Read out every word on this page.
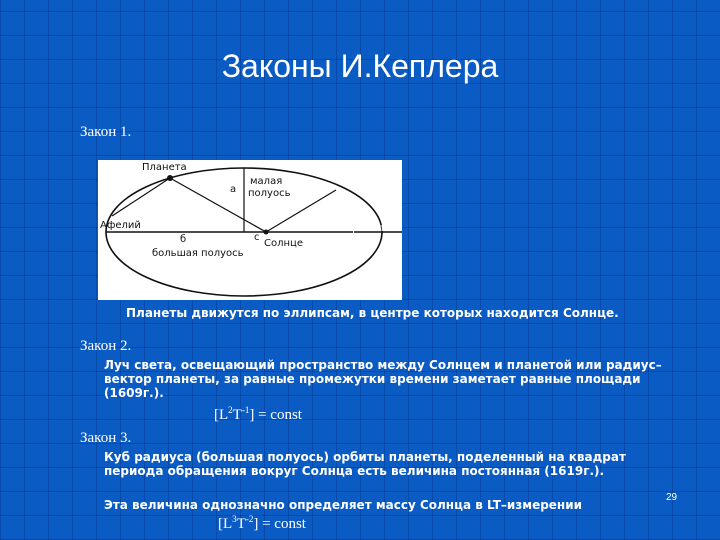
Законы И.Кеплера
Закон 1.
Планета
а
малая
полуось
Афелий
б	с
большая полуось
Солнце
Перигелий
Планеты движутся по эллипсам, в центре которых находится Солнце.
Закон 2.
Луч света, освещающий пространство между Солнцем и планетой или радиус–вектор планеты, за равные промежутки времени заметает равные площади (1609г.).
$[L^2T^{-1}]$ = const
Закон 3.
Куб радиуса (большая полуось) орбиты планеты, поделенный на квадрат периода обращения вокруг Солнца есть величина постоянная (1619г.).
Эта величина однозначно определяет массу Солнца в LT–измерении
29
$[L^3T^{-2}]$ = const
